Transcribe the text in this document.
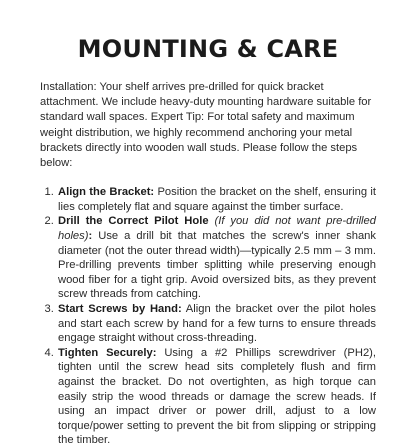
MOUNTING & CARE

Installation: Your shelf arrives pre-drilled for quick bracket attachment. We include heavy-duty mounting hardware suitable for standard wall spaces. Expert Tip: For total safety and maximum weight distribution, we highly recommend anchoring your metal brackets directly into wooden wall studs. Please follow the steps below:

1. Align the Bracket: Position the bracket on the shelf, ensuring it lies completely flat and square against the timber surface.
2. Drill the Correct Pilot Hole (If you did not want pre-drilled holes): Use a drill bit that matches the screw's inner shank diameter (not the outer thread width)—typically 2.5 mm – 3 mm. Pre-drilling prevents timber splitting while preserving enough wood fiber for a tight grip. Avoid oversized bits, as they prevent screw threads from catching.
3. Start Screws by Hand: Align the bracket over the pilot holes and start each screw by hand for a few turns to ensure threads engage straight without cross-threading.
4. Tighten Securely: Using a #2 Phillips screwdriver (PH2), tighten until the screw head sits completely flush and firm against the bracket. Do not overtighten, as high torque can easily strip the wood threads or damage the screw heads. If using an impact driver or power drill, adjust to a low torque/power setting to prevent the bit from slipping or stripping the timber.
